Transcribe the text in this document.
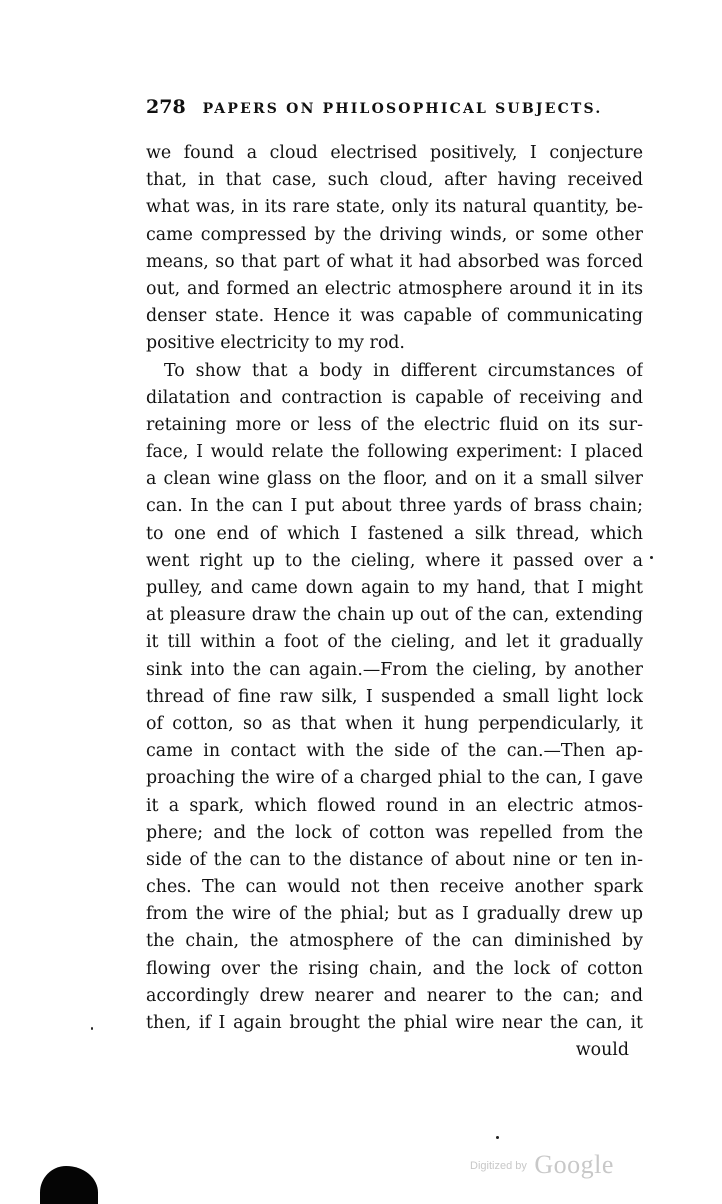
278 PAPERS ON PHILOSOPHICAL SUBJECTS.
we found a cloud electrised positively, I conjecture
that, in that case, such cloud, after having received
what was, in its rare state, only its natural quantity, be-
came compressed by the driving winds, or some other
means, so that part of what it had absorbed was forced
out, and formed an electric atmosphere around it in its
denser state. Hence it was capable of communicating
positive electricity to my rod.
To show that a body in different circumstances of
dilatation and contraction is capable of receiving and
retaining more or less of the electric fluid on its sur-
face, I would relate the following experiment: I placed
a clean wine glass on the floor, and on it a small silver
can. In the can I put about three yards of brass chain;
to one end of which I fastened a silk thread, which
went right up to the cieling, where it passed over a
pulley, and came down again to my hand, that I might
at pleasure draw the chain up out of the can, extending
it till within a foot of the cieling, and let it gradually
sink into the can again.—From the cieling, by another
thread of fine raw silk, I suspended a small light lock
of cotton, so as that when it hung perpendicularly, it
came in contact with the side of the can.—Then ap-
proaching the wire of a charged phial to the can, I gave
it a spark, which flowed round in an electric atmos-
phere; and the lock of cotton was repelled from the
side of the can to the distance of about nine or ten in-
ches. The can would not then receive another spark
from the wire of the phial; but as I gradually drew up
the chain, the atmosphere of the can diminished by
flowing over the rising chain, and the lock of cotton
accordingly drew nearer and nearer to the can; and
then, if I again brought the phial wire near the can, it
would
$^{Digitized by}$ Google
